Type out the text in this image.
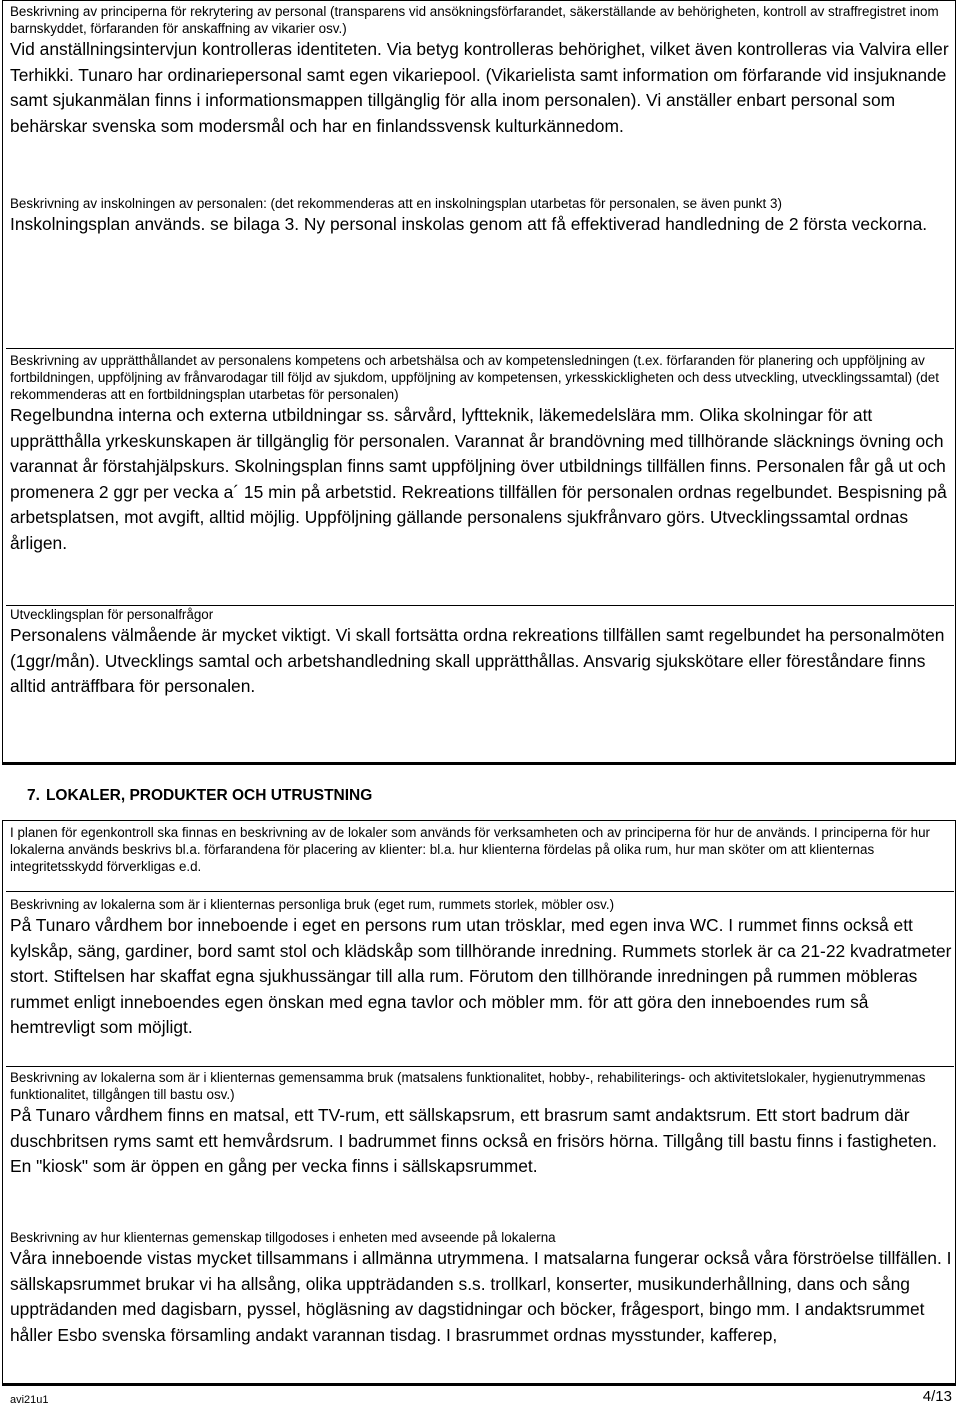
Beskrivning av principerna för rekrytering av personal (transparens vid ansökningsförfarandet, säkerställande av behörigheten, kontroll av straffregistret inom barnskyddet, förfaranden för anskaffning av vikarier osv.)

Vid anställningsintervjun kontrolleras identiteten. Via betyg kontrolleras behörighet, vilket även kontrolleras via Valvira eller Terhikki. Tunaro har ordinariepersonal samt egen vikariepool. (Vikarielista samt information om förfarande vid insjuknande samt sjukanmälan finns i informationsmappen tillgänglig för alla inom personalen). Vi anställer enbart personal som behärskar svenska som modersmål och har en finlandssvensk kulturkännedom.

Beskrivning av inskolningen av personalen: (det rekommenderas att en inskolningsplan utarbetas för personalen, se även punkt 3)

Inskolningsplan används. se bilaga 3. Ny personal inskolas genom att få effektiverad handledning de 2 första veckorna.

Beskrivning av upprätthållandet av personalens kompetens och arbetshälsa och av kompetensledningen (t.ex. förfaranden för planering och uppföljning av fortbildningen, uppföljning av frånvarodagar till följd av sjukdom, uppföljning av kompetensen, yrkesskickligheten och dess utveckling, utvecklingssamtal) (det rekommenderas att en fortbildningsplan utarbetas för personalen)

Regelbundna interna och externa utbildningar ss. sårvård, lyftteknik, läkemedelslära mm. Olika skolningar för att upprätthålla yrkeskunskapen är tillgänglig för personalen. Varannat år brandövning med tillhörande släcknings övning och varannat år förstahjälpskurs. Skolningsplan finns samt uppföljning över utbildnings tillfällen finns. Personalen får gå ut och promenera 2 ggr per vecka a´ 15 min på arbetstid. Rekreations tillfällen för personalen ordnas regelbundet. Bespisning på arbetsplatsen, mot avgift, alltid möjlig. Uppföljning gällande personalens sjukfrånvaro görs. Utvecklingssamtal ordnas årligen.

Utvecklingsplan för personalfrågor

Personalens välmående är mycket viktigt. Vi skall fortsätta ordna rekreations tillfällen samt regelbundet ha personalmöten (1ggr/mån). Utvecklings samtal och arbetshandledning skall upprätthållas. Ansvarig sjukskötare eller föreståndare finns alltid anträffbara för personalen.

7. LOKALER, PRODUKTER OCH UTRUSTNING

I planen för egenkontroll ska finnas en beskrivning av de lokaler som används för verksamheten och av principerna för hur de används. I principerna för hur lokalerna används beskrivs bl.a. förfarandena för placering av klienter: bl.a. hur klienterna fördelas på olika rum, hur man sköter om att klienternas integritetsskydd förverkligas e.d.

Beskrivning av lokalerna som är i klienternas personliga bruk (eget rum, rummets storlek, möbler osv.)

På Tunaro vårdhem bor inneboende i eget en persons rum utan trösklar, med egen inva WC. I rummet finns också ett kylskåp, säng, gardiner, bord samt stol och klädskåp som tillhörande inredning. Rummets storlek är ca 21-22 kvadratmeter stort. Stiftelsen har skaffat egna sjukhussängar till alla rum. Förutom den tillhörande inredningen på rummen möbleras rummet enligt inneboendes egen önskan med egna tavlor och möbler mm. för att göra den inneboendes rum så hemtrevligt som möjligt.

Beskrivning av lokalerna som är i klienternas gemensamma bruk (matsalens funktionalitet, hobby-, rehabiliterings- och aktivitetslokaler, hygienutrymmenas funktionalitet, tillgången till bastu osv.)

På Tunaro vårdhem finns en matsal, ett TV-rum, ett sällskapsrum, ett brasrum samt andaktsrum. Ett stort badrum där duschbritsen ryms samt ett hemvårdsrum. I badrummet finns också en frisörs hörna. Tillgång till bastu finns i fastigheten. En "kiosk" som är öppen en gång per vecka finns i sällskapsrummet.

Beskrivning av hur klienternas gemenskap tillgodoses i enheten med avseende på lokalerna

Våra inneboende vistas mycket tillsammans i allmänna utrymmena. I matsalarna fungerar också våra förströelse tillfällen. I sällskapsrummet brukar vi ha allsång, olika uppträdanden s.s. trollkarl, konserter, musikunderhållning, dans och sång uppträdanden med dagisbarn, pyssel, högläsning av dagstidningar och böcker, frågesport, bingo mm. I andaktsrummet håller Esbo svenska församling andakt varannan tisdag. I brasrummet ordnas mysstunder, kafferep,

avi21u1	4/13
